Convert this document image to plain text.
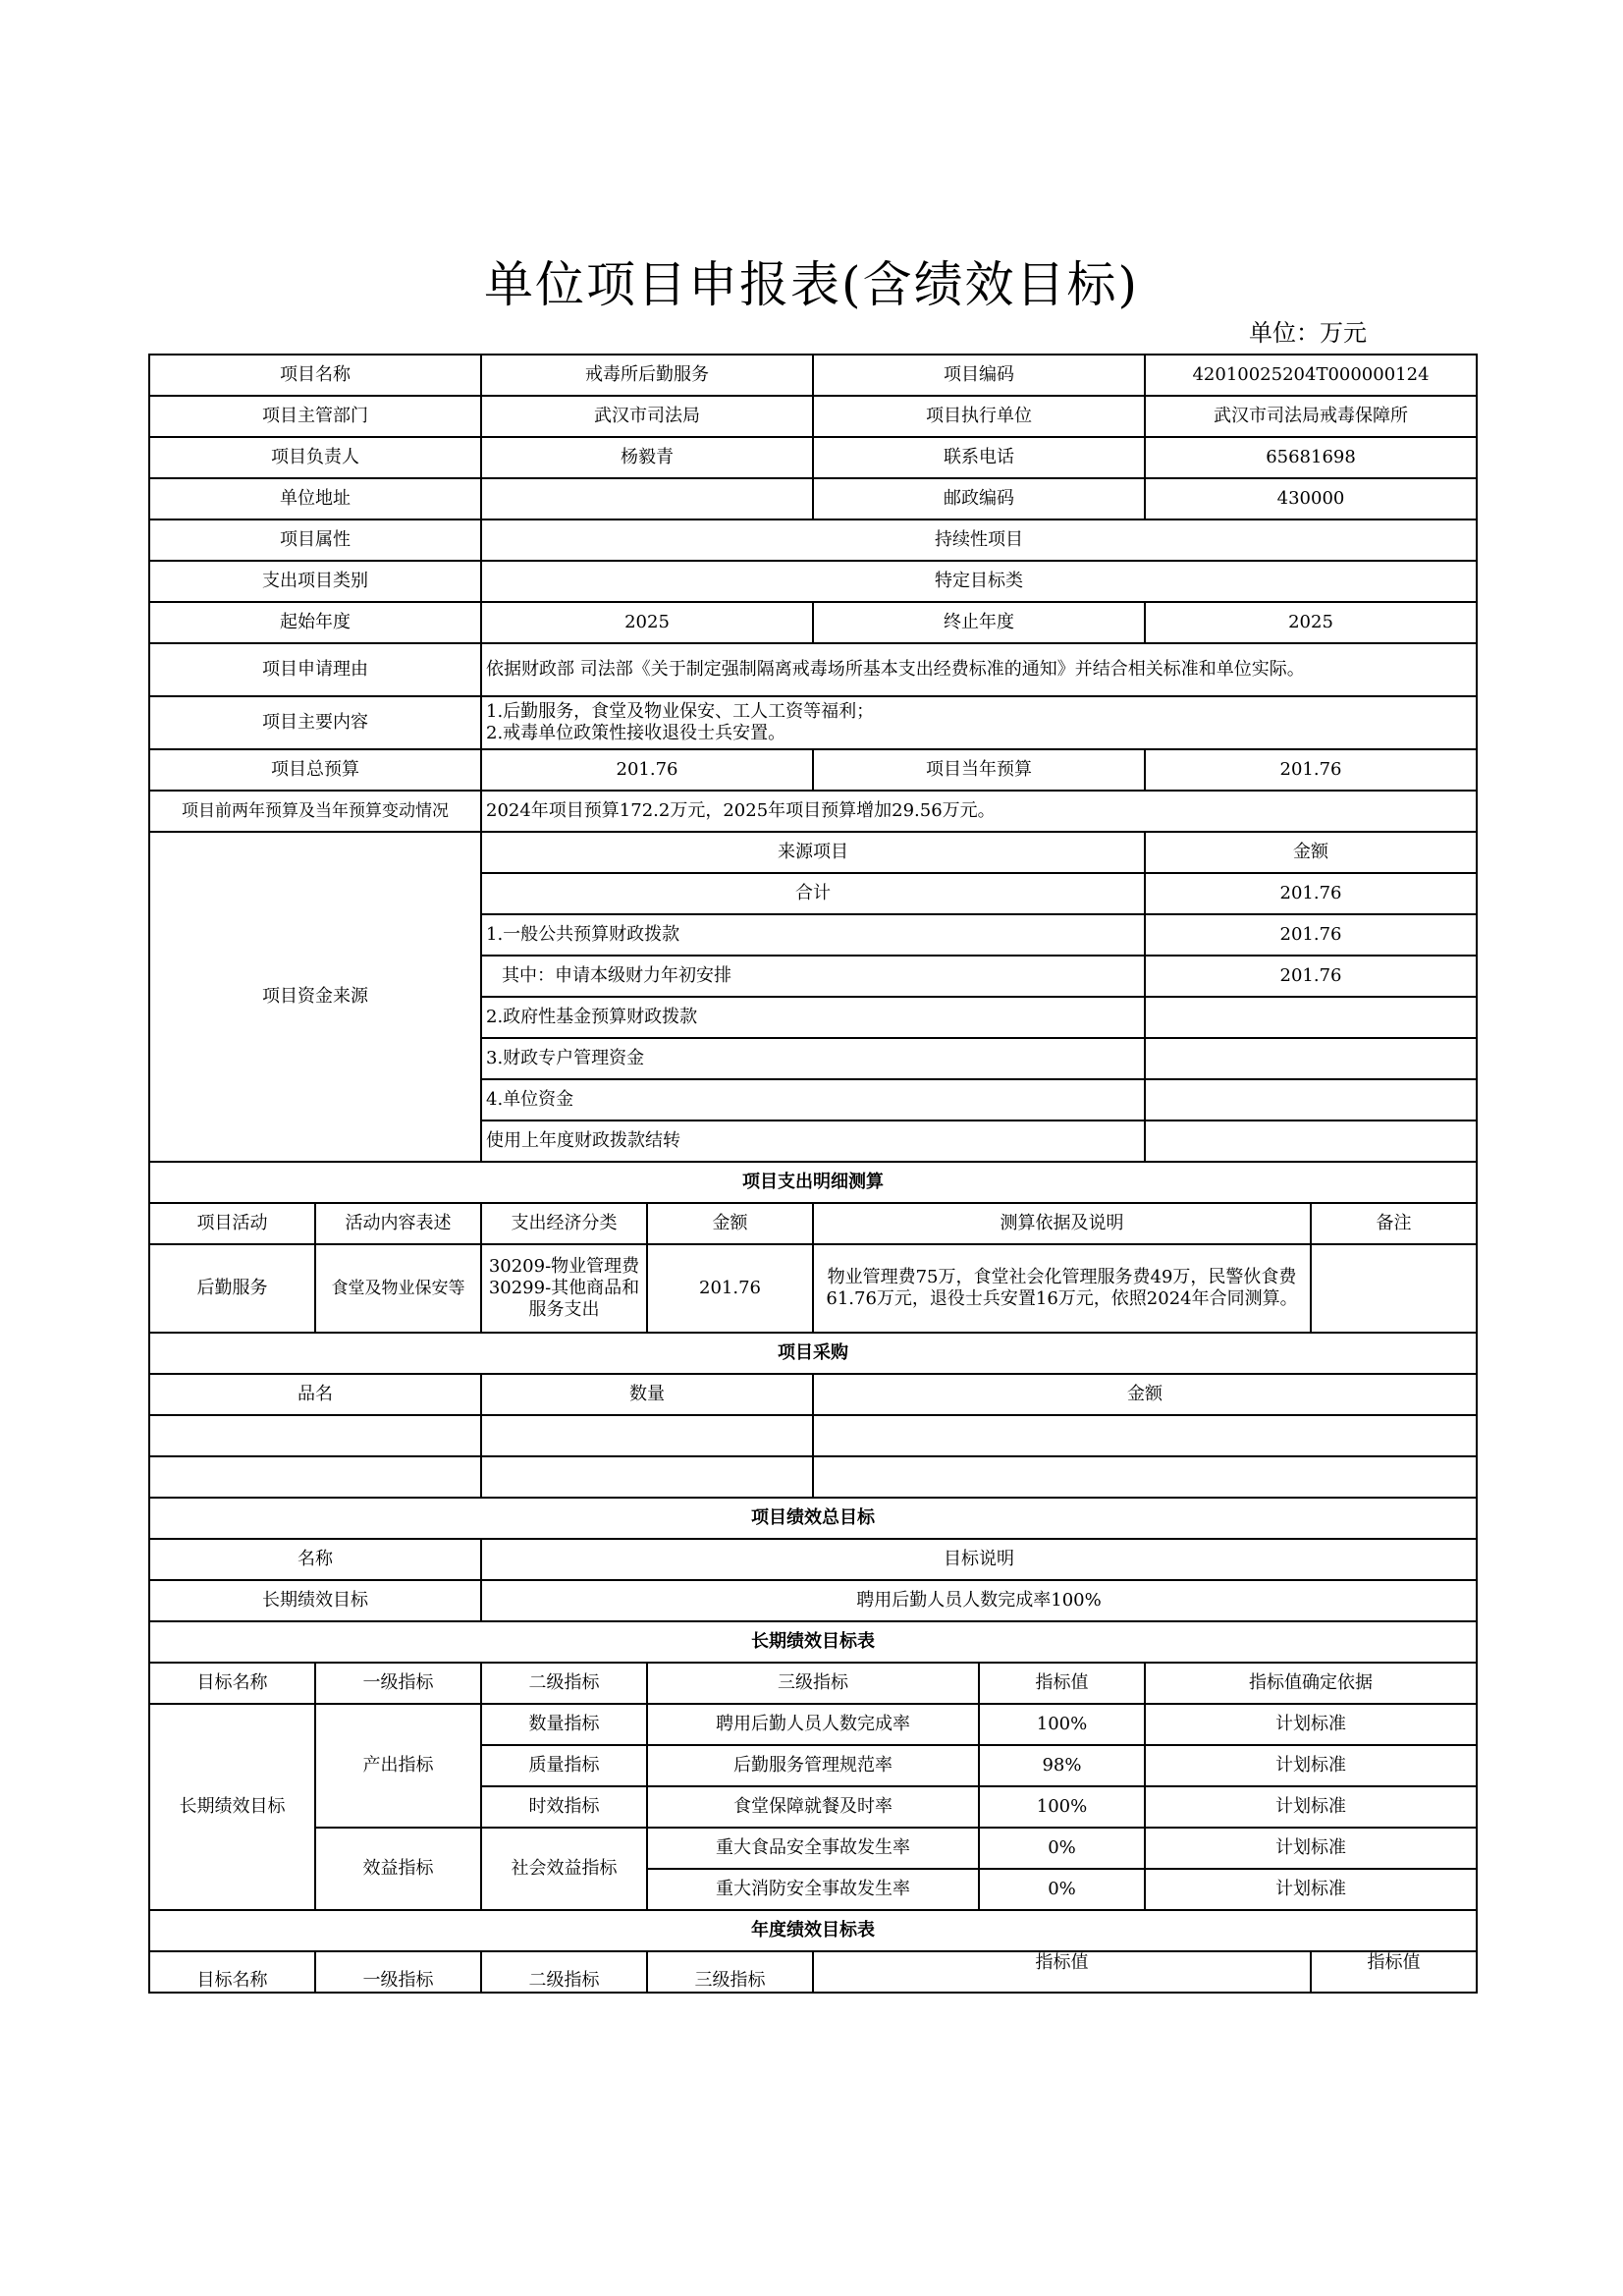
单位项目申报表(含绩效目标)
单位：万元
项目名称		戒毒所后勤服务		项目编码		42010025204T000000124	
项目主管部门		武汉市司法局		项目执行单位		武汉市司法局戒毒保障所	
项目负责人		杨毅青		联系电话		65681698	
单位地址				邮政编码		430000	
项目属性		持续性项目					
支出项目类别		特定目标类					
起始年度		2025		终止年度		2025	
项目申请理由		依据财政部 司法部《关于制定强制隔离戒毒场所基本支出经费标准的通知》并结合相关标准和单位实际。					
项目主要内容		1.后勤服务，食堂及物业保安、工人工资等福利；
2.戒毒单位政策性接收退役士兵安置。					

项目总预算		201.76		项目当年预算		201.76	
项目前两年预算及当年预算变动情况		2024年项目预算172.2万元，2025年项目预算增加29.56万元。					
项目资金来源		来源项目				金额	
		合计				201.76	
		1.一般公共预算财政拨款				201.76	
		其中：申请本级财力年初安排				201.76	
		2.政府性基金预算财政拨款					
		3.财政专户管理资金					
		4.单位资金					
		使用上年度财政拨款结转					
项目支出明细测算							
项目活动	活动内容表述	支出经济分类	金额	测算依据及说明			备注
后勤服务	食堂及物业保安等	30209-物业管理费30299-其他商品和服务支出	201.76	物业管理费75万，食堂社会化管理服务费49万，民警伙食费61.76万元，退役士兵安置16万元，依照2024年合同测算。			
项目采购							
品名		数量		金额			

项目绩效总目标							
名称		目标说明					
长期绩效目标		聘用后勤人员人数完成率100%					
长期绩效目标表							
目标名称	一级指标	二级指标	三级指标		指标值	指标值确定依据	
长期绩效目标	产出指标	数量指标	聘用后勤人员人数完成率		100%	计划标准	
		质量指标	后勤服务管理规范率		98%	计划标准	
		时效指标	食堂保障就餐及时率		100%	计划标准	
	效益指标	社会效益指标	重大食品安全事故发生率		0%	计划标准	
			重大消防安全事故发生率		0%	计划标准	
年度绩效目标表							
目标名称	一级指标	二级指标	三级指标	指标值			指标值
